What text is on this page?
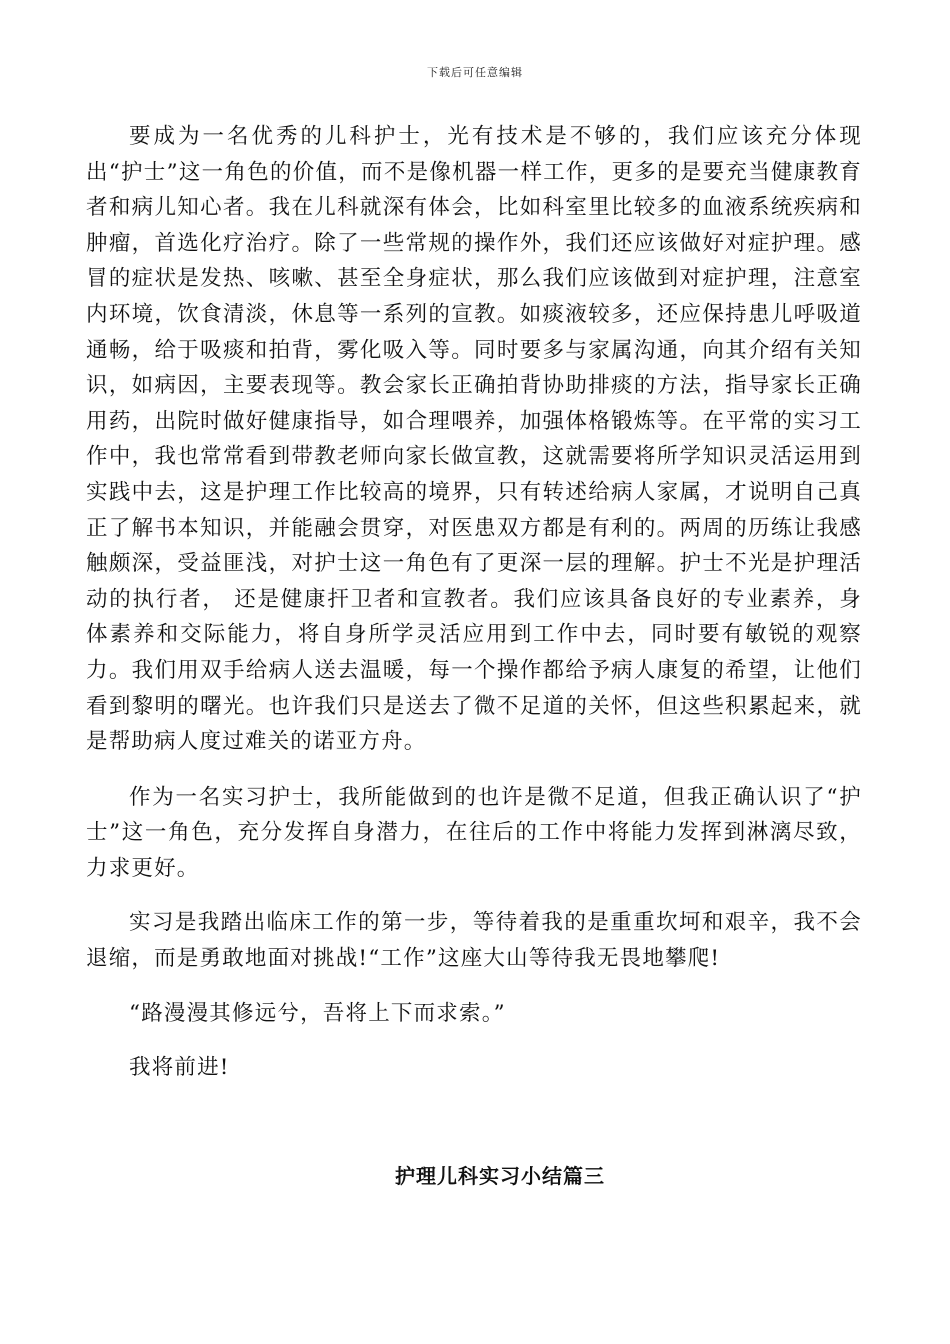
下载后可任意编辑

要成为一名优秀的儿科护士，光有技术是不够的，我们应该充分体现出“护士”这一角色的价值，而不是像机器一样工作，更多的是要充当健康教育者和病儿知心者。我在儿科就深有体会，比如科室里比较多的血液系统疾病和肿瘤，首选化疗治疗。除了一些常规的操作外，我们还应该做好对症护理。感冒的症状是发热、咳嗽、甚至全身症状，那么我们应该做到对症护理，注意室内环境，饮食清淡，休息等一系列的宣教。如痰液较多，还应保持患儿呼吸道通畅，给于吸痰和拍背，雾化吸入等。同时要多与家属沟通，向其介绍有关知识，如病因，主要表现等。教会家长正确拍背协助排痰的方法，指导家长正确用药，出院时做好健康指导，如合理喂养，加强体格锻炼等。在平常的实习工作中，我也常常看到带教老师向家长做宣教，这就需要将所学知识灵活运用到实践中去，这是护理工作比较高的境界，只有转述给病人家属，才说明自己真正了解书本知识，并能融会贯穿，对医患双方都是有利的。两周的历练让我感触颇深，受益匪浅，对护士这一角色有了更深一层的理解。护士不光是护理活动的执行者， 还是健康扞卫者和宣教者。我们应该具备良好的专业素养，身体素养和交际能力，将自身所学灵活应用到工作中去，同时要有敏锐的观察力。我们用双手给病人送去温暖，每一个操作都给予病人康复的希望，让他们看到黎明的曙光。也许我们只是送去了微不足道的关怀，但这些积累起来，就是帮助病人度过难关的诺亚方舟。

作为一名实习护士，我所能做到的也许是微不足道，但我正确认识了“护士”这一角色，充分发挥自身潜力，在往后的工作中将能力发挥到淋漓尽致，力求更好。

实习是我踏出临床工作的第一步，等待着我的是重重坎坷和艰辛，我不会退缩，而是勇敢地面对挑战!“工作”这座大山等待我无畏地攀爬!

“路漫漫其修远兮，吾将上下而求索。”

我将前进!

护理儿科实习小结篇三
